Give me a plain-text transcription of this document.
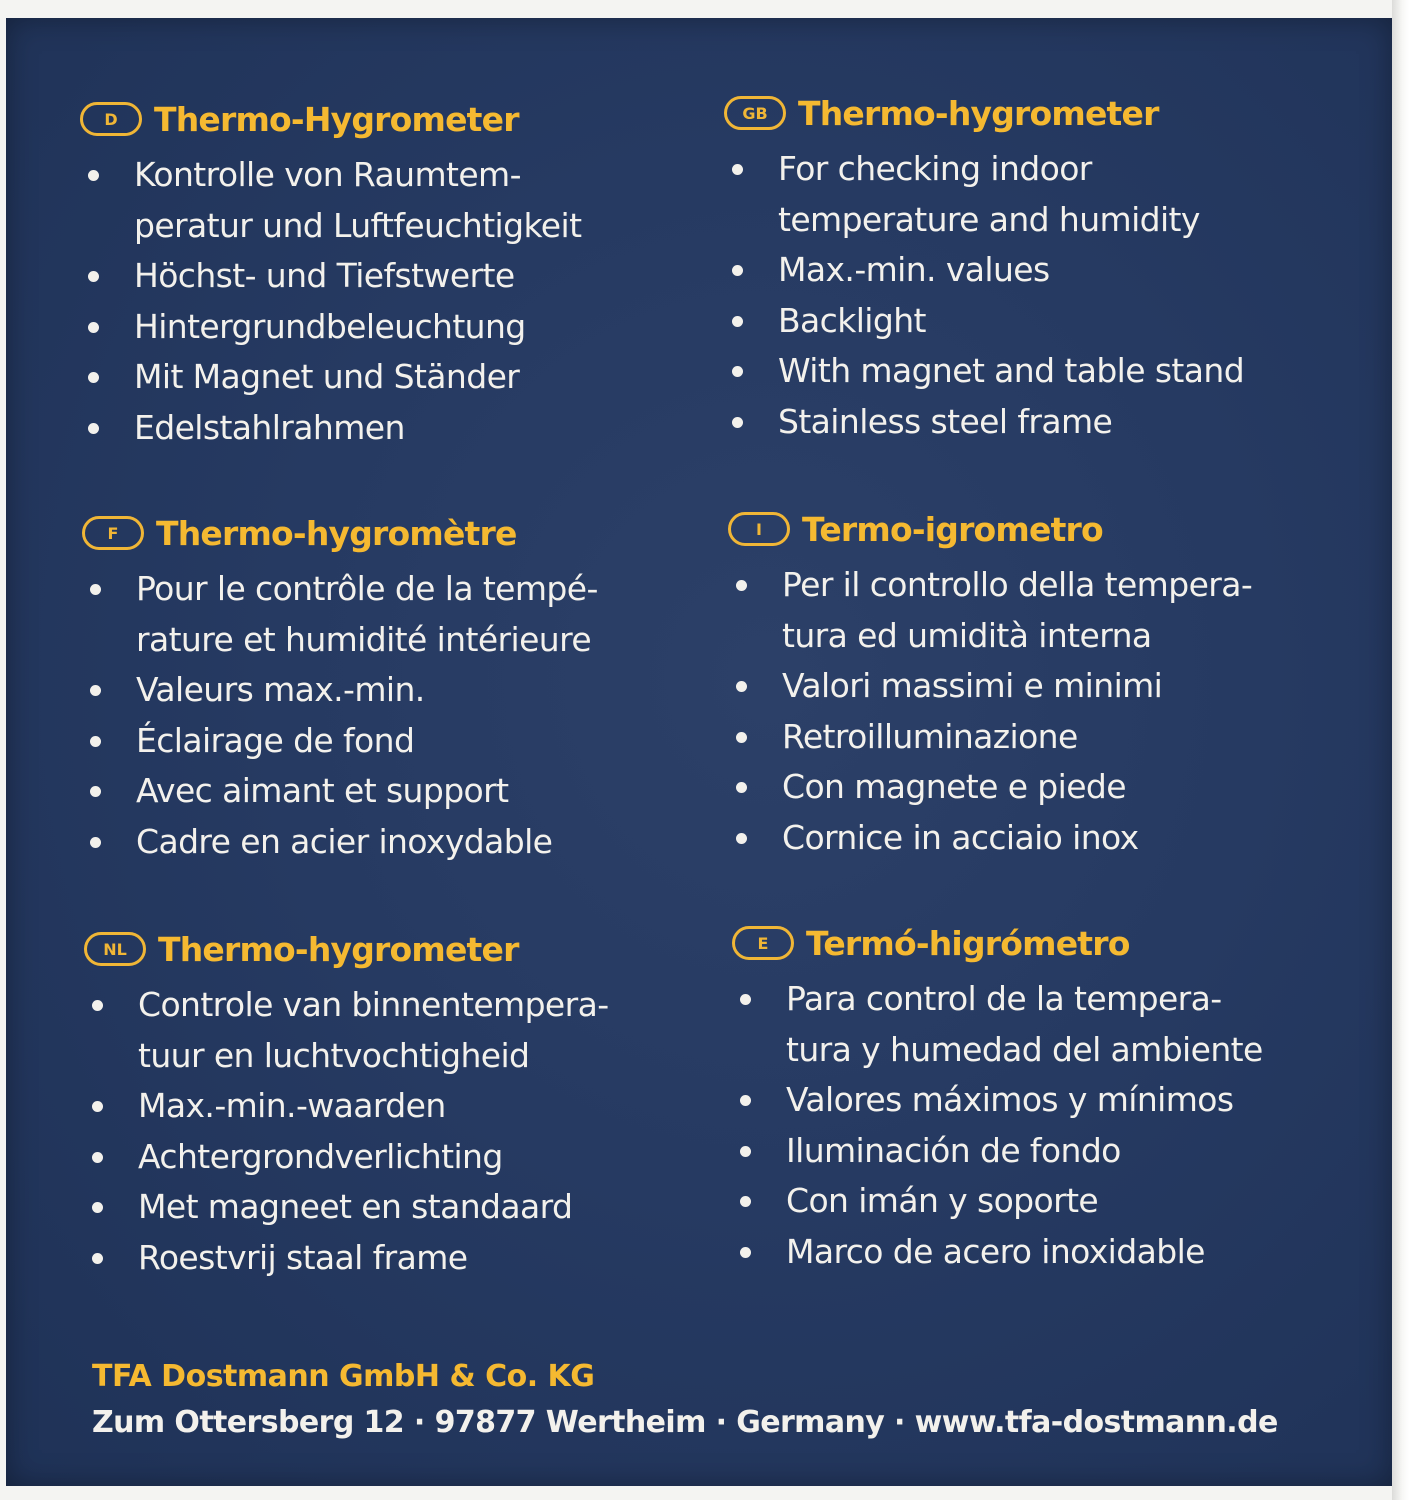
D	Thermo-Hygrometer
Kontrolle von Raumtem-
peratur und Luftfeuchtigkeit
Höchst- und Tiefstwerte
Hintergrundbeleuchtung
Mit Magnet und Ständer
Edelstahlrahmen
GB Thermo-hygrometer
For checking indoor
temperature and humidity
Max.-min. values
Backlight
With magnet and table stand
Stainless steel frame
F	Thermo-hygromètre
Pour le contrôle de la tempé-
rature et humidité intérieure
Valeurs max.-min.
Éclairage de fond
Avec aimant et support
Cadre en acier inoxydable
I	Termo-igrometro
Per il controllo della tempera-
tura ed umidità interna
Valori massimi e minimi
Retroilluminazione
Con magnete e piede
Cornice in acciaio inox
NL Thermo-hygrometer
Controle van binnentempera-
tuur en luchtvochtigheid
Max.-min.-waarden
Achtergrondverlichting
Met magneet en standaard
Roestvrij staal frame
E	Termó-higrómetro
Para control de la tempera-
tura y humedad del ambiente
Valores máximos y mínimos
Iluminación de fondo
Con imán y soporte
Marco de acero inoxidable
TFA Dostmann GmbH & Co. KG
Zum Ottersberg 12 · 97877 Wertheim · Germany · www.tfa-dostmann.de
